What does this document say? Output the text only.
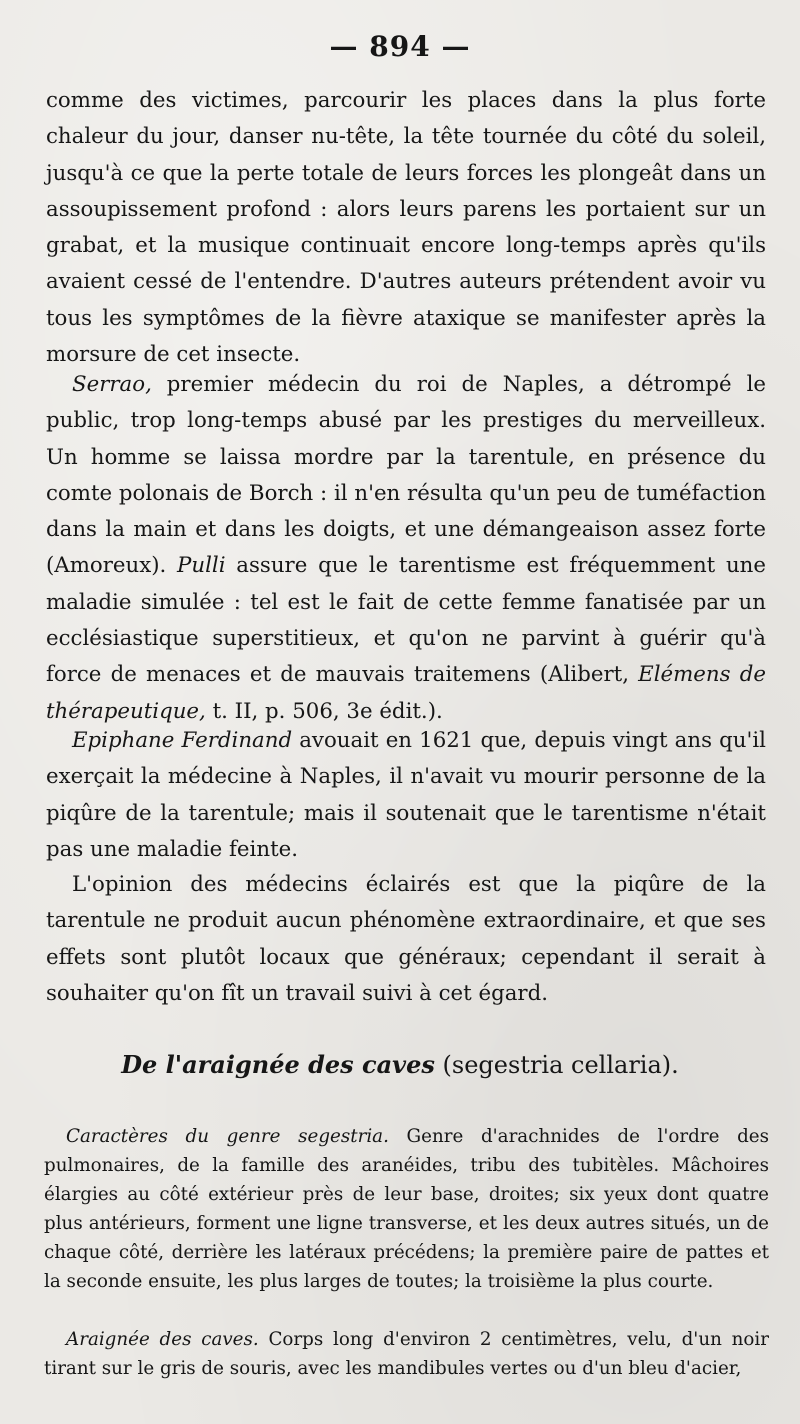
— 894 —

comme des victimes, parcourir les places dans la plus forte chaleur du jour, danser nu-tête, la tête tournée du côté du soleil, jusqu'à ce que la perte totale de leurs forces les plongeât dans un assoupissement profond : alors leurs parens les portaient sur un grabat, et la musique continuait encore long-temps après qu'ils avaient cessé de l'entendre. D'autres auteurs prétendent avoir vu tous les symptômes de la fièvre ataxique se manifester après la morsure de cet insecte.

Serrao, premier médecin du roi de Naples, a détrompé le public, trop long-temps abusé par les prestiges du merveilleux. Un homme se laissa mordre par la tarentule, en présence du comte polonais de Borch : il n'en résulta qu'un peu de tuméfaction dans la main et dans les doigts, et une démangeaison assez forte (Amoreux). Pulli assure que le tarentisme est fréquemment une maladie simulée : tel est le fait de cette femme fanatisée par un ecclésiastique superstitieux, et qu'on ne parvint à guérir qu'à force de menaces et de mauvais traitemens (Alibert, Elémens de thérapeutique, t. II, p. 506, 3e édit.).

Epiphane Ferdinand avouait en 1621 que, depuis vingt ans qu'il exerçait la médecine à Naples, il n'avait vu mourir personne de la piqûre de la tarentule; mais il soutenait que le tarentisme n'était pas une maladie feinte.

L'opinion des médecins éclairés est que la piqûre de la tarentule ne produit aucun phénomène extraordinaire, et que ses effets sont plutôt locaux que généraux; cependant il serait à souhaiter qu'on fît un travail suivi à cet égard.

De l'araignée des caves (segestria cellaria).

Caractères du genre segestria. Genre d'arachnides de l'ordre des pulmonaires, de la famille des aranéides, tribu des tubitèles. Mâchoires élargies au côté extérieur près de leur base, droites; six yeux dont quatre plus antérieurs, forment une ligne transverse, et les deux autres situés, un de chaque côté, derrière les latéraux précédens; la première paire de pattes et la seconde ensuite, les plus larges de toutes; la troisième la plus courte.

Araignée des caves. Corps long d'environ 2 centimètres, velu, d'un noir tirant sur le gris de souris, avec les mandibules vertes ou d'un bleu d'acier,
